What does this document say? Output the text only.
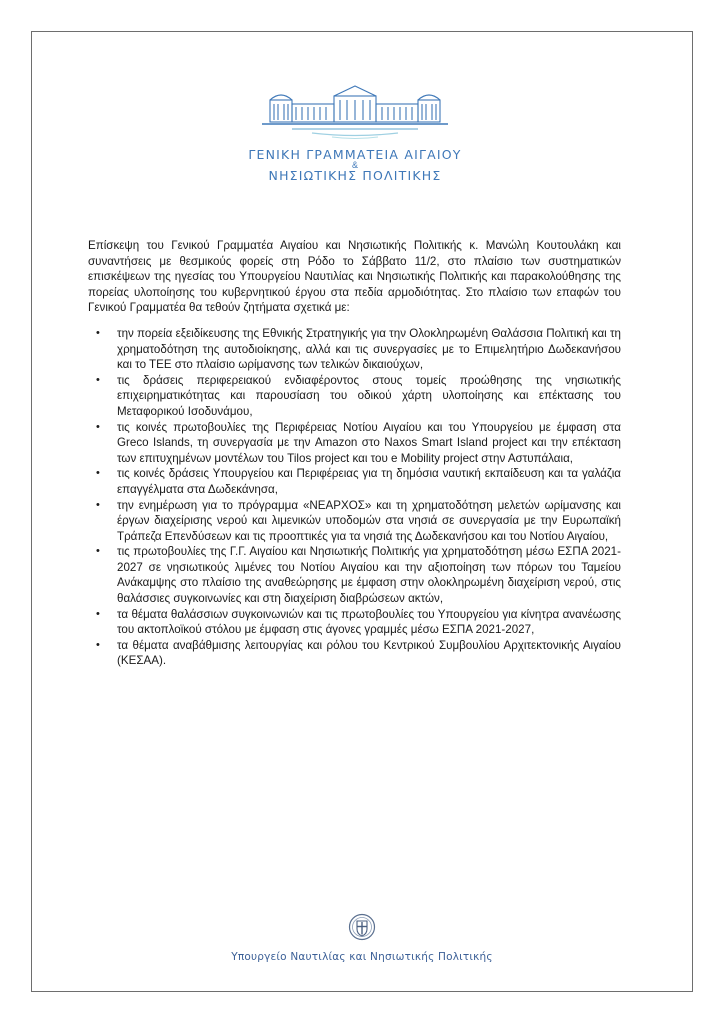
ΓΕΝΙΚΗ ΓΡΑΜΜΑΤΕΙΑ ΑΙΓΑΙΟΥ
&
ΝΗΣΙΩΤΙΚΗΣ ΠΟΛΙΤΙΚΗΣ

Επίσκεψη του Γενικού Γραμματέα Αιγαίου και Νησιωτικής Πολιτικής κ. Μανώλη Κουτουλάκη και συναντήσεις με θεσμικούς φορείς στη Ρόδο το Σάββατο 11/2, στο πλαίσιο των συστηματικών επισκέψεων της ηγεσίας του Υπουργείου Ναυτιλίας και Νησιωτικής Πολιτικής και παρακολούθησης της πορείας υλοποίησης του κυβερνητικού έργου στα πεδία αρμοδιότητας. Στο πλαίσιο των επαφών του Γενικού Γραμματέα θα τεθούν ζητήματα σχετικά με:

• την πορεία εξειδίκευσης της Εθνικής Στρατηγικής για την Ολοκληρωμένη Θαλάσσια Πολιτική και τη χρηματοδότηση της αυτοδιοίκησης, αλλά και τις συνεργασίες με το Επιμελητήριο Δωδεκανήσου και το ΤΕΕ στο πλαίσιο ωρίμανσης των τελικών δικαιούχων,
• τις δράσεις περιφερειακού ενδιαφέροντος στους τομείς προώθησης της νησιωτικής επιχειρηματικότητας και παρουσίαση του οδικού χάρτη υλοποίησης και επέκτασης του Μεταφορικού Ισοδυνάμου,
• τις κοινές πρωτοβουλίες της Περιφέρειας Νοτίου Αιγαίου και του Υπουργείου με έμφαση στα Greco Islands, τη συνεργασία με την Amazon στο Naxos Smart Island project και την επέκταση των επιτυχημένων μοντέλων του Tilos project και του e Mobility project στην Αστυπάλαια,
• τις κοινές δράσεις Υπουργείου και Περιφέρειας για τη δημόσια ναυτική εκπαίδευση και τα γαλάζια επαγγέλματα στα Δωδεκάνησα,
• την ενημέρωση για το πρόγραμμα «ΝΕΑΡΧΟΣ» και τη χρηματοδότηση μελετών ωρίμανσης και έργων διαχείρισης νερού και λιμενικών υποδομών στα νησιά σε συνεργασία με την Ευρωπαϊκή Τράπεζα Επενδύσεων και τις προοπτικές για τα νησιά της Δωδεκανήσου και του Νοτίου Αιγαίου,
• τις πρωτοβουλίες της Γ.Γ. Αιγαίου και Νησιωτικής Πολιτικής για χρηματοδότηση μέσω ΕΣΠΑ 2021-2027 σε νησιωτικούς λιμένες του Νοτίου Αιγαίου και την αξιοποίηση των πόρων του Ταμείου Ανάκαμψης στο πλαίσιο της αναθεώρησης με έμφαση στην ολοκληρωμένη διαχείριση νερού, στις θαλάσσιες συγκοινωνίες και στη διαχείριση διαβρώσεων ακτών,
• τα θέματα θαλάσσιων συγκοινωνιών και τις πρωτοβουλίες του Υπουργείου για κίνητρα ανανέωσης του ακτοπλοϊκού στόλου με έμφαση στις άγονες γραμμές μέσω ΕΣΠΑ 2021-2027,
• τα θέματα αναβάθμισης λειτουργίας και ρόλου του Κεντρικού Συμβουλίου Αρχιτεκτονικής Αιγαίου (ΚΕΣΑΑ).
Υπουργείο Ναυτιλίας και Νησιωτικής Πολιτικής
